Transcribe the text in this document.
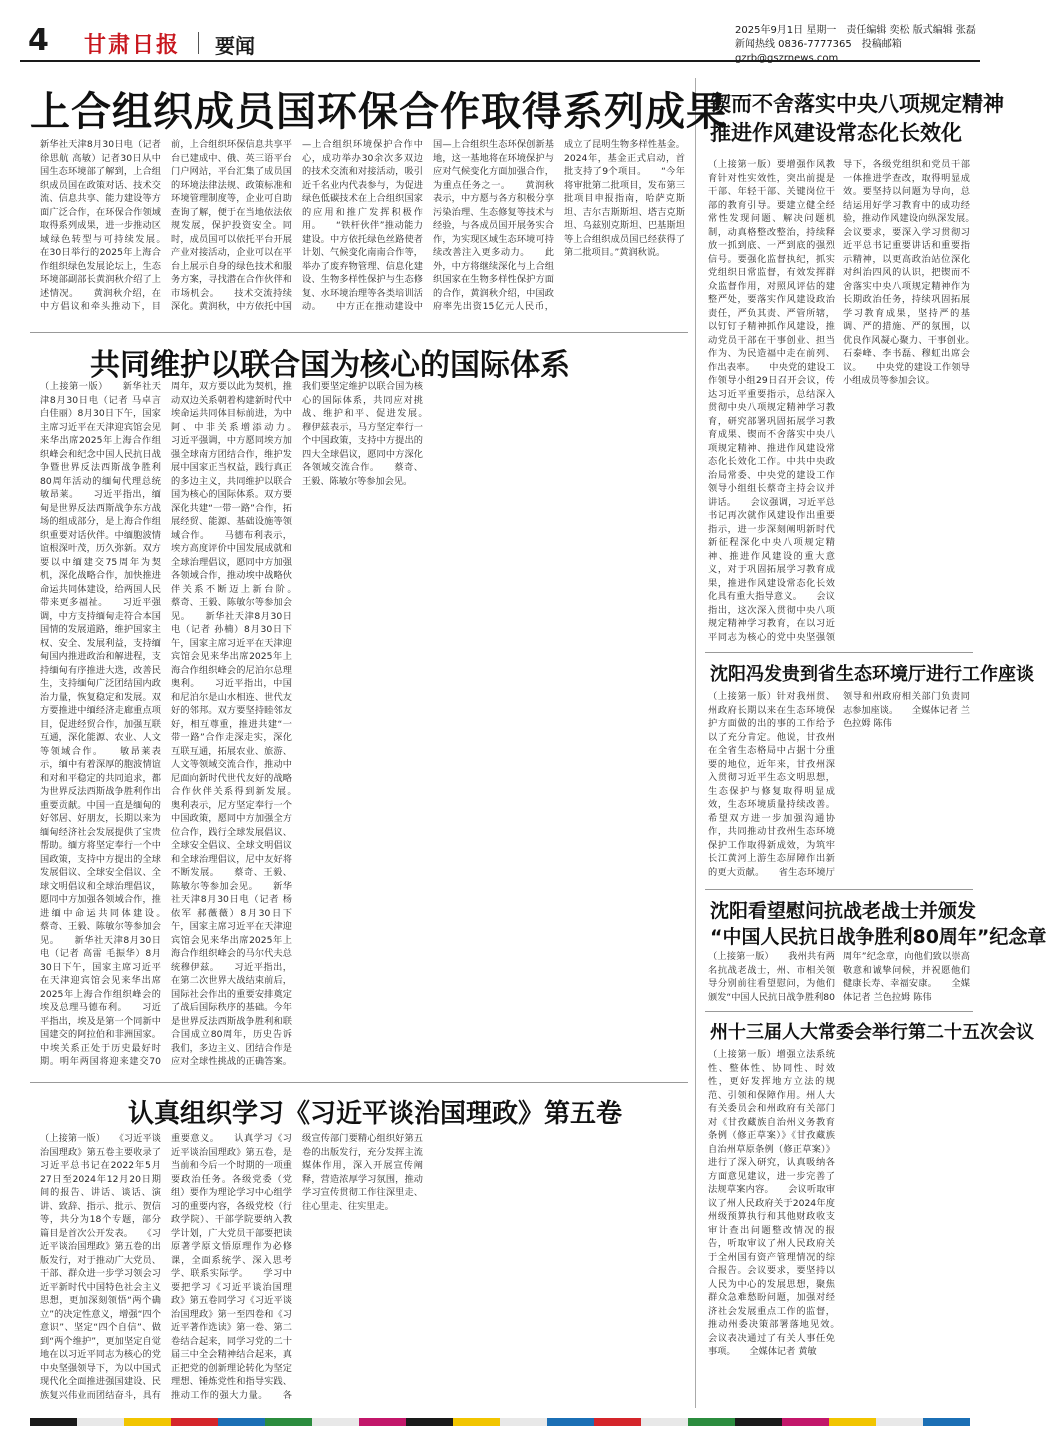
4 甘肃日报 要闻
2025年9月1日 星期一　责任编辑 奕松 版式编辑 张磊
新闻热线 0836-7777365　投稿邮箱 gzrb@gszrnews.com
上合组织成员国环保合作取得系列成果
新华社天津8月30日电（记者 徐思航 高敏）记者30日从中国生态环境部了解到，上合组织成员国在政策对话、技术交流、信息共享、能力建设等方面广泛合作，在环保合作领域取得系列成果，进一步推动区域绿色转型与可持续发展。　　在30日举行的2025年上海合作组织绿色发展论坛上，生态环境部副部长黄润秋介绍了上述情况。　　黄润秋介绍，在中方倡议和牵头推动下，目前，上合组织环保信息共享平台已建成中、俄、英三语平台门户网站，平台汇集了成员国的环境法律法规、政策标准和环境管理制度等，企业可自助查询了解，便于在当地依法依规发展，保护投资安全。同时，成员国可以依托平台开展产业对接活动，企业可以在平台上展示自身的绿色技术和服务方案，寻找潜在合作伙伴和市场机会。　　技术交流持续深化。黄润秋，中方依托中国—上合组织环境保护合作中心，成功举办30余次多双边的技术交流和对接活动，吸引近千名业内代表参与，为促进绿色低碳技术在上合组织国家的应用和推广发挥积极作用。　　“铁杆伙伴”推动能力建设。中方依托绿色丝路使者计划、气候变化南南合作等，举办了废弃物管理、信息化建设、生物多样性保护与生态修复、水环境治理等各类培训活动。　　中方正在推动建设中国—上合组织生态环保创新基地，这一基地将在环境保护与应对气候变化方面加强合作，为重点任务之一。　　黄润秋表示，中方愿与各方积极分享污染治理、生态修复等技术与经验，与各成员国开展务实合作，为实现区域生态环境可持续改善注入更多动力。　　此外，中方将继续深化与上合组织国家在生物多样性保护方面的合作，黄润秋介绍，中国政府率先出资15亿元人民币，成立了昆明生物多样性基金。2024年，基金正式启动，首批支持了9个项目。　　“今年将审批第二批项目，发布第三批项目申报指南，哈萨克斯坦、吉尔吉斯斯坦、塔吉克斯坦、乌兹别克斯坦、巴基斯坦等上合组织成员国已经获得了第二批项目。”黄润秋说。
共同维护以联合国为核心的国际体系
（上接第一版）　　新华社天津8月30日电（记者 马卓言 白佳丽）8月30日下午，国家主席习近平在天津迎宾馆会见来华出席2025年上海合作组织峰会和纪念中国人民抗日战争暨世界反法西斯战争胜利80周年活动的缅甸代理总统敏昂莱。　　习近平指出，缅甸是世界反法西斯战争东方战场的组成部分，是上海合作组织重要对话伙伴。中缅胞波情谊根深叶茂，历久弥新。双方要以中缅建交75周年为契机，深化战略合作，加快推进命运共同体建设，给两国人民带来更多福祉。　　习近平强调，中方支持缅甸走符合本国国情的发展道路，维护国家主权、安全、发展利益，支持缅甸国内推进政治和解进程，支持缅甸有序推进大选，改善民生，支持缅甸广泛团结国内政治力量，恢复稳定和发展。双方要推进中缅经济走廊重点项目，促进经贸合作，加强互联互通，深化能源、农业、人文等领域合作。　　敏昂莱表示，缅中有着深厚的胞波情谊和对和平稳定的共同追求，都为世界反法西斯战争胜利作出重要贡献。中国一直是缅甸的好邻居、好朋友，长期以来为缅甸经济社会发展提供了宝贵帮助。缅方将坚定奉行一个中国政策，支持中方提出的全球发展倡议、全球安全倡议、全球文明倡议和全球治理倡议，愿同中方加强各领域合作，推进缅中命运共同体建设。　　蔡奇、王毅、陈敏尔等参加会见。　　新华社天津8月30日电（记者 高雷 毛振华）8月30日下午，国家主席习近平在天津迎宾馆会见来华出席2025年上海合作组织峰会的埃及总理马德布利。　　习近平指出，埃及是第一个同新中国建交的阿拉伯和非洲国家。中埃关系正处于历史最好时期。明年两国将迎来建交70周年，双方要以此为契机，推动双边关系朝着构建新时代中埃命运共同体目标前进，为中阿、中非关系增添动力。　　习近平强调，中方愿同埃方加强全球南方团结合作，维护发展中国家正当权益，践行真正的多边主义，共同维护以联合国为核心的国际体系。双方要深化共建“一带一路”合作，拓展经贸、能源、基础设施等领域合作。　　马德布利表示，埃方高度评价中国发展成就和全球治理倡议，愿同中方加强各领域合作，推动埃中战略伙伴关系不断迈上新台阶。　　蔡奇、王毅、陈敏尔等参加会见。　　新华社天津8月30日电（记者 孙楠）8月30日下午，国家主席习近平在天津迎宾馆会见来华出席2025年上海合作组织峰会的尼泊尔总理奥利。　　习近平指出，中国和尼泊尔是山水相连、世代友好的邻邦。双方要坚持睦邻友好，相互尊重，推进共建“一带一路”合作走深走实，深化互联互通，拓展农业、旅游、人文等领域交流合作，推动中尼面向新时代世代友好的战略合作伙伴关系得到新发展。　　奥利表示，尼方坚定奉行一个中国政策，愿同中方加强全方位合作，践行全球发展倡议、全球安全倡议、全球文明倡议和全球治理倡议，尼中友好将不断发展。　　蔡奇、王毅、陈敏尔等参加会见。　　新华社天津8月30日电（记者 杨依军 郝薇薇）8月30日下午，国家主席习近平在天津迎宾馆会见来华出席2025年上海合作组织峰会的马尔代夫总统穆伊兹。　　习近平指出，在第二次世界大战结束前后，国际社会作出的重要安排奠定了战后国际秩序的基础。今年是世界反法西斯战争胜利和联合国成立80周年，历史告诉我们，多边主义、团结合作是应对全球性挑战的正确答案。我们要坚定维护以联合国为核心的国际体系，共同应对挑战、维护和平、促进发展。　　穆伊兹表示，马方坚定奉行一个中国政策，支持中方提出的四大全球倡议，愿同中方深化各领域交流合作。　　蔡奇、王毅、陈敏尔等参加会见。
认真组织学习《习近平谈治国理政》第五卷
（上接第一版）　　《习近平谈治国理政》第五卷主要收录了习近平总书记在2022年5月27日至2024年12月20日期间的报告、讲话、谈话、演讲、致辞、指示、批示、贺信等，共分为18个专题，部分篇目是首次公开发表。　　《习近平谈治国理政》第五卷的出版发行，对于推动广大党员、干部、群众进一步学习领会习近平新时代中国特色社会主义思想，更加深刻领悟“两个确立”的决定性意义，增强“四个意识”、坚定“四个自信”、做到“两个维护”，更加坚定自觉地在以习近平同志为核心的党中央坚强领导下，为以中国式现代化全面推进强国建设、民族复兴伟业而团结奋斗，具有重要意义。　　认真学习《习近平谈治国理政》第五卷，是当前和今后一个时期的一项重要政治任务。各级党委（党组）要作为理论学习中心组学习的重要内容，各级党校（行政学院）、干部学院要纳入教学计划，广大党员干部要把读原著学原文悟原理作为必修课，全面系统学、深入思考学、联系实际学。　　学习中要把学习《习近平谈治国理政》第五卷同学习《习近平谈治国理政》第一至四卷和《习近平著作选读》第一卷、第二卷结合起来，同学习党的二十届三中全会精神结合起来，真正把党的创新理论转化为坚定理想、锤炼党性和指导实践、推动工作的强大力量。　　各级宣传部门要精心组织好第五卷的出版发行，充分发挥主流媒体作用，深入开展宣传阐释，营造浓厚学习氛围，推动学习宣传贯彻工作往深里走、往心里走、往实里走。
锲而不舍落实中央八项规定精神
推进作风建设常态化长效化
（上接第一版）要增强作风教育针对性实效性，突出前提是干部、年轻干部、关键岗位干部的教育引导。要建立健全经常性发现问题、解决问题机制，动真格整改整治，持续释放一抓到底、一严到底的强烈信号。要强化监督执纪，抓实党组织日常监督，有效发挥群众监督作用，对照风评估的建整严处，要落实作风建设政治责任，严负其责、严管所辖，以钉钉子精神抓作风建设，推动党员干部在干事创业、担当作为、为民造福中走在前列、作出表率。　　中央党的建设工作领导小组29日召开会议，传达习近平重要指示，总结深入贯彻中央八项规定精神学习教育，研究部署巩固拓展学习教育成果、锲而不舍落实中央八项规定精神、推进作风建设常态化长效化工作。中共中央政治局常委、中央党的建设工作领导小组组长蔡奇主持会议并讲话。　　会议强调，习近平总书记再次就作风建设作出重要指示，进一步深刻阐明新时代新征程深化中央八项规定精神、推进作风建设的重大意义，对于巩固拓展学习教育成果，推进作风建设常态化长效化具有重大指导意义。　　会议指出，这次深入贯彻中央八项规定精神学习教育，在以习近平同志为核心的党中央坚强领导下，各级党组织和党员干部一体推进学查改，取得明显成效。要坚持以问题为导向，总结运用好学习教育中的成功经验，推动作风建设向纵深发展。　　会议要求，要深入学习贯彻习近平总书记重要讲话和重要指示精神，以更高政治站位深化对纠治四风的认识，把锲而不舍落实中央八项规定精神作为长期政治任务，持续巩固拓展学习教育成果，坚持严的基调、严的措施、严的氛围，以优良作风凝心聚力、干事创业。　　石泰峰、李书磊、穆虹出席会议。　　中央党的建设工作领导小组成员等参加会议。
沈阳冯发贵到省生态环境厅进行工作座谈
（上接第一版）针对我州贯、州政府长期以来在生态环境保护方面做的出的事的工作给予以了充分肯定。他说，甘孜州在全省生态格局中占据十分重要的地位，近年来，甘孜州深入贯彻习近平生态文明思想，生态保护与修复取得明显成效，生态环境质量持续改善。希望双方进一步加强沟通协作，共同推动甘孜州生态环境保护工作取得新成效，为筑牢长江黄河上游生态屏障作出新的更大贡献。　　省生态环境厅领导和州政府相关部门负责同志参加座谈。　　全媒体记者 兰色拉姆 陈伟
沈阳看望慰问抗战老战士并颁发
“中国人民抗日战争胜利80周年”纪念章
（上接第一版）　　我州共有两名抗战老战士，州、市相关领导分别前往看望慰问，为他们颁发“中国人民抗日战争胜利80周年”纪念章，向他们致以崇高敬意和诚挚问候，并祝愿他们健康长寿、幸福安康。　　全媒体记者 兰色拉姆 陈伟
州十三届人大常委会举行第二十五次会议
（上接第一版）增强立法系统性、整体性、协同性、时效性，更好发挥地方立法的规范、引领和保障作用。州人大有关委员会和州政府有关部门对《甘孜藏族自治州义务教育条例（修正草案）》《甘孜藏族自治州草原条例（修正草案）》进行了深入研究，认真吸纳各方面意见建议，进一步完善了法规草案内容。　　会议听取审议了州人民政府关于2024年度州级预算执行和其他财政收支审计查出问题整改情况的报告，听取审议了州人民政府关于全州国有资产管理情况的综合报告。会议要求，要坚持以人民为中心的发展思想，聚焦群众急难愁盼问题，加强对经济社会发展重点工作的监督，推动州委决策部署落地见效。　　会议表决通过了有关人事任免事项。　　全媒体记者 黄敏
